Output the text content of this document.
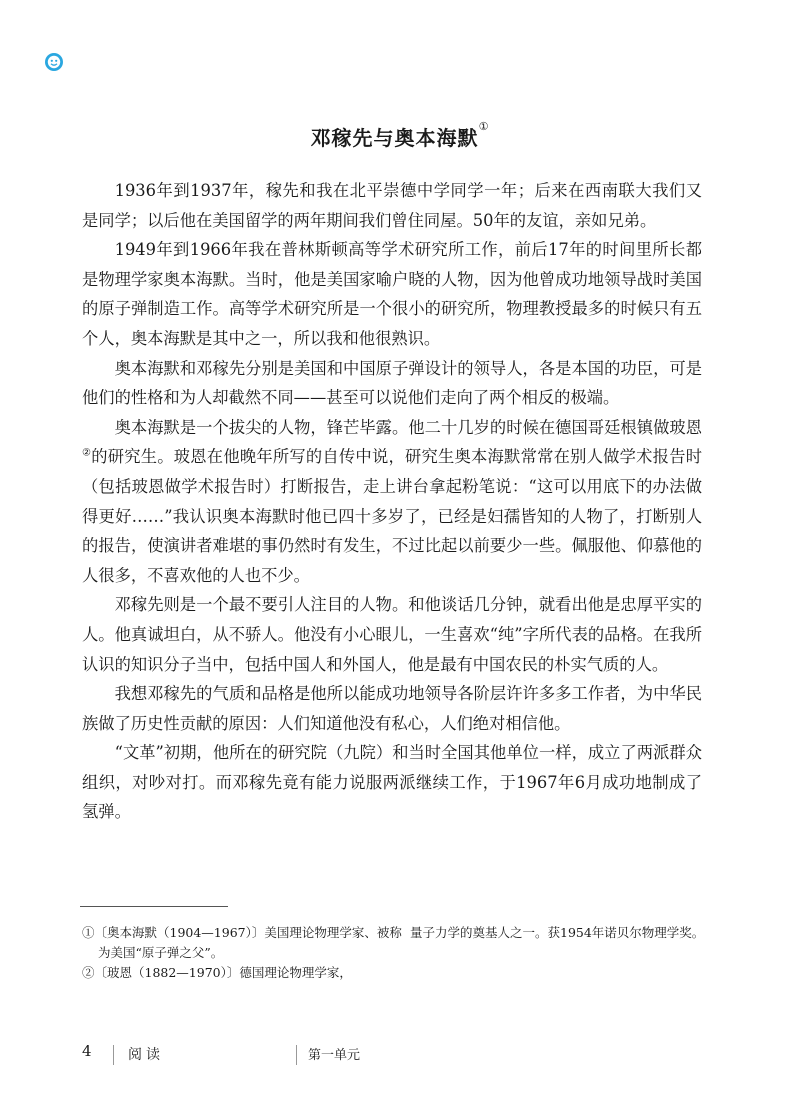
邓稼先与奥本海默①

1936年到1937年，稼先和我在北平崇德中学同学一年；后来在西南联大我们又是同学；以后他在美国留学的两年期间我们曾住同屋。50年的友谊，亲如兄弟。

1949年到1966年我在普林斯顿高等学术研究所工作，前后17年的时间里所长都是物理学家奥本海默。当时，他是美国家喻户晓的人物，因为他曾成功地领导战时美国的原子弹制造工作。高等学术研究所是一个很小的研究所，物理教授最多的时候只有五个人，奥本海默是其中之一，所以我和他很熟识。

奥本海默和邓稼先分别是美国和中国原子弹设计的领导人，各是本国的功臣，可是他们的性格和为人却截然不同——甚至可以说他们走向了两个相反的极端。

奥本海默是一个拔尖的人物，锋芒毕露。他二十几岁的时候在德国哥廷根镇做玻恩②的研究生。玻恩在他晚年所写的自传中说，研究生奥本海默常常在别人做学术报告时（包括玻恩做学术报告时）打断报告，走上讲台拿起粉笔说：“这可以用底下的办法做得更好……”我认识奥本海默时他已四十多岁了，已经是妇孺皆知的人物了，打断别人的报告，使演讲者难堪的事仍然时有发生，不过比起以前要少一些。佩服他、仰慕他的人很多，不喜欢他的人也不少。

邓稼先则是一个最不要引人注目的人物。和他谈话几分钟，就看出他是忠厚平实的人。他真诚坦白，从不骄人。他没有小心眼儿，一生喜欢“纯”字所代表的品格。在我所认识的知识分子当中，包括中国人和外国人，他是最有中国农民的朴实气质的人。

我想邓稼先的气质和品格是他所以能成功地领导各阶层许许多多工作者，为中华民族做了历史性贡献的原因：人们知道他没有私心，人们绝对相信他。

“文革”初期，他所在的研究院（九院）和当时全国其他单位一样，成立了两派群众组织，对吵对打。而邓稼先竟有能力说服两派继续工作，于1967年6月成功地制成了氢弹。

①〔奥本海默（1904—1967）〕美国理论物理学家、被称为美国“原子弹之父”。

②〔玻恩（1882—1970）〕德国理论物理学家，

量子力学的奠基人之一。获1954年诺贝尔物理学奖。

4	阅读	第一单元
